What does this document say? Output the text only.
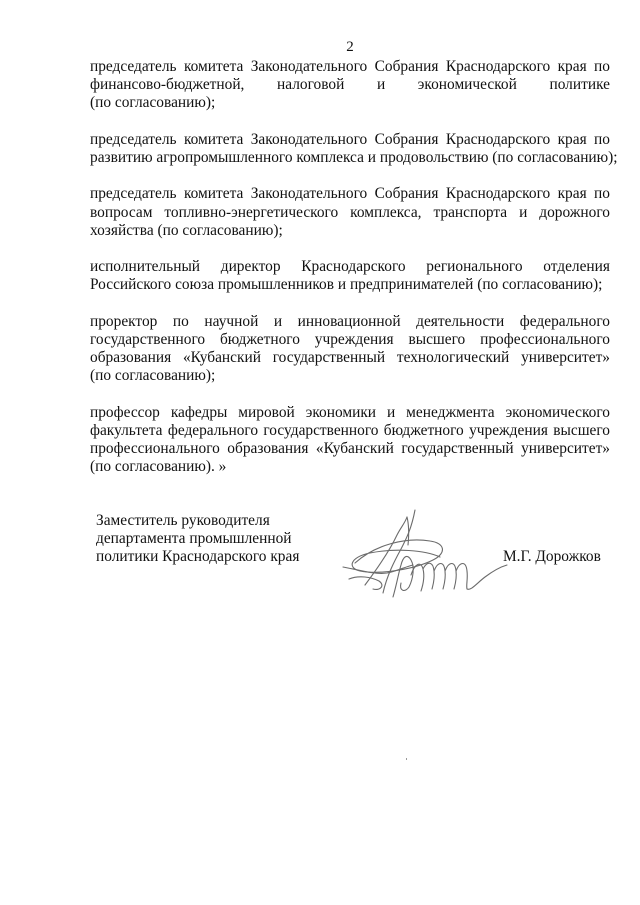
2

председатель комитета Законодательного Собрания Краснодарского края по
финансово-бюджетной, налоговой и экономической политике
(по согласованию);

председатель комитета Законодательного Собрания Краснодарского края по
развитию агропромышленного комплекса и продовольствию (по согласованию);

председатель комитета Законодательного Собрания Краснодарского края по
вопросам топливно-энергетического комплекса, транспорта и дорожного
хозяйства (по согласованию);

исполнительный директор Краснодарского регионального отделения
Российского союза промышленников и предпринимателей (по согласованию);

проректор по научной и инновационной деятельности федерального
государственного бюджетного учреждения высшего профессионального
образования «Кубанский государственный технологический университет»
(по согласованию);

профессор кафедры мировой экономики и менеджмента экономического
факультета федерального государственного бюджетного учреждения высшего
профессионального образования «Кубанский государственный университет»
(по согласованию). »

Заместитель руководителя
департамента промышленной
политики Краснодарского края	М.Г. Дорожков
